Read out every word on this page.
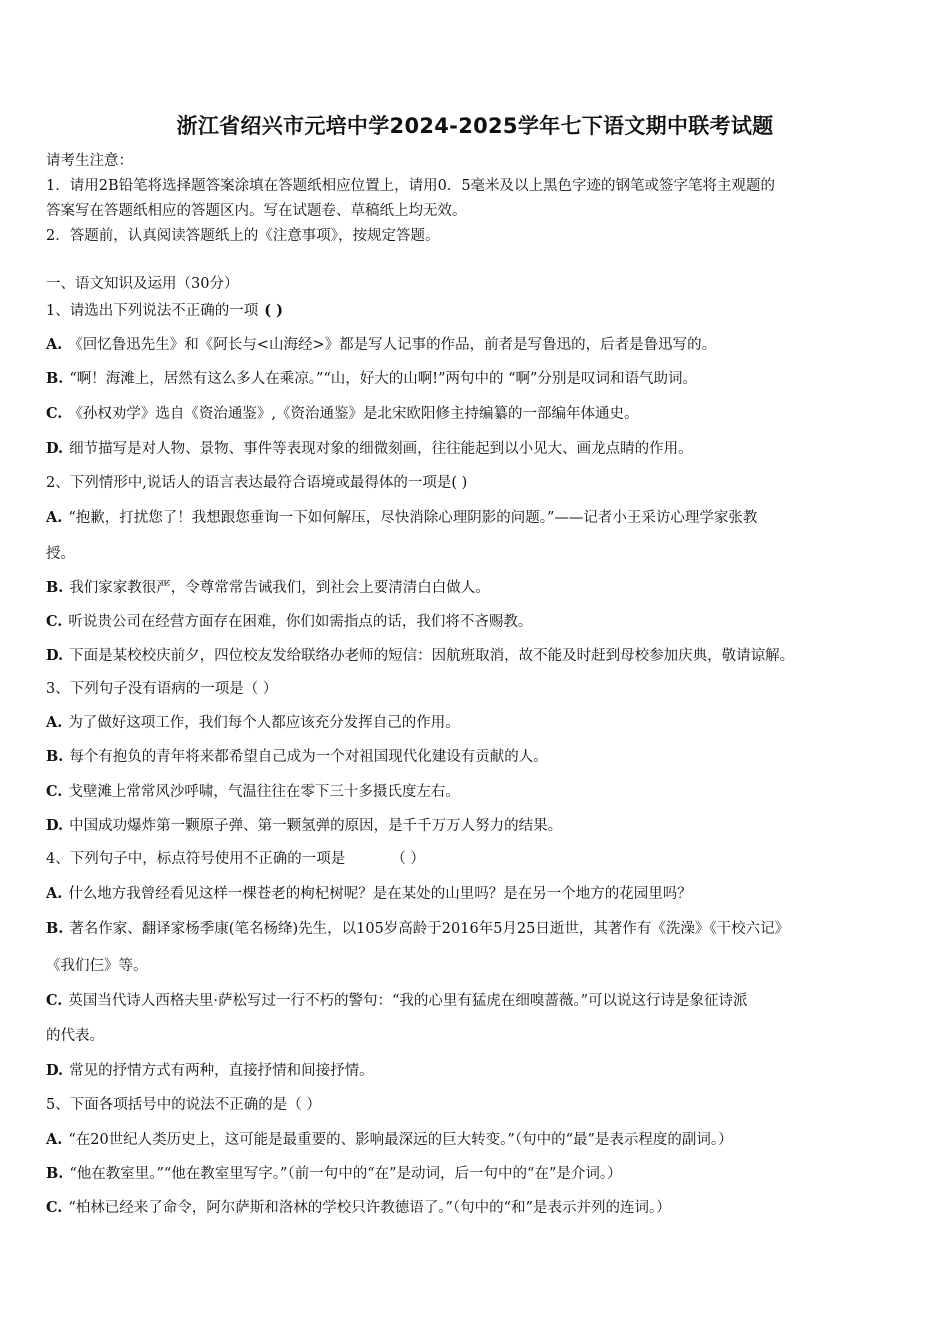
浙江省绍兴市元培中学2024-2025学年七下语文期中联考试题
请考生注意：
1．请用2B铅笔将选择题答案涂填在答题纸相应位置上，请用0．5毫米及以上黑色字迹的钢笔或签字笔将主观题的
答案写在答题纸相应的答题区内。写在试题卷、草稿纸上均无效。
2．答题前，认真阅读答题纸上的《注意事项》，按规定答题。
一、语文知识及运用（30分）
1、请选出下列说法不正确的一项 ( )
A. 《回忆鲁迅先生》和《阿长与<山海经>》都是写人记事的作品，前者是写鲁迅的，后者是鲁迅写的。
B. “啊！海滩上，居然有这么多人在乘凉。”“山，好大的山啊!”两句中的 “啊”分别是叹词和语气助词。
C. 《孙权劝学》选自《资治通鉴》,《资治通鉴》是北宋欧阳修主持编纂的一部编年体通史。
D. 细节描写是对人物、景物、事件等表现对象的细微刻画，往往能起到以小见大、画龙点睛的作用。
2、下列情形中,说话人的语言表达最符合语境或最得体的一项是( )
A. “抱歉，打扰您了！我想跟您垂询一下如何解压，尽快消除心理阴影的问题。”——记者小王采访心理学家张教
授。
B. 我们家家教很严，令尊常常告诫我们，到社会上要清清白白做人。
C. 听说贵公司在经营方面存在困难，你们如需指点的话，我们将不吝赐教。
D. 下面是某校校庆前夕，四位校友发给联络办老师的短信：因航班取消，故不能及时赶到母校参加庆典，敬请谅解。
3、下列句子没有语病的一项是（ ）
A. 为了做好这项工作，我们每个人都应该充分发挥自己的作用。
B. 每个有抱负的青年将来都希望自己成为一个对祖国现代化建设有贡献的人。
C. 戈壁滩上常常风沙呼啸，气温往往在零下三十多摄氏度左右。
D. 中国成功爆炸第一颗原子弹、第一颗氢弹的原因，是千千万万人努力的结果。
4、下列句子中，标点符号使用不正确的一项是	（ ）
A. 什么地方我曾经看见这样一棵苍老的枸杞树呢？是在某处的山里吗？是在另一个地方的花园里吗？
B. 著名作家、翻译家杨季康(笔名杨绛)先生，以105岁高龄于2016年5月25日逝世，其著作有《洗澡》《干校六记》
《我们仨》等。
C. 英国当代诗人西格夫里·萨松写过一行不朽的警句：“我的心里有猛虎在细嗅蔷薇。”可以说这行诗是象征诗派
的代表。
D. 常见的抒情方式有两种，直接抒情和间接抒情。
5、下面各项括号中的说法不正确的是（ ）
A. “在20世纪人类历史上，这可能是最重要的、影响最深远的巨大转变。”（句中的“最”是表示程度的副词。）
B. “他在教室里。”“他在教室里写字。”（前一句中的“在”是动词，后一句中的“在”是介词。）
C. “柏林已经来了命令，阿尔萨斯和洛林的学校只许教德语了。”（句中的“和”是表示并列的连词。）
